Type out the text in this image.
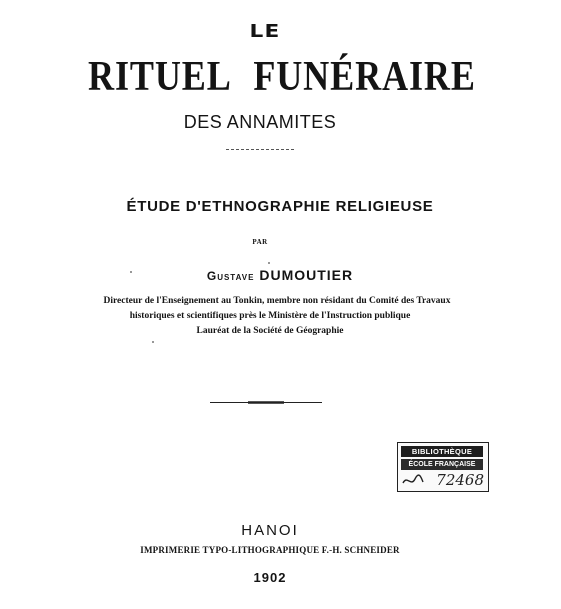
LE
RITUEL FUNÉRAIRE
DES ANNAMITES
ÉTUDE D'ETHNOGRAPHIE RELIGIEUSE
PAR
Gustave DUMOUTIER
Directeur de l'Enseignement au Tonkin, membre non résidant du Comité des Travaux
historiques et scientifiques près le Ministère de l'Instruction publique
Lauréat de la Société de Géographie
BIBLIOTHÈQUE
ÉCOLE FRANÇAISE
72468
HANOI
IMPRIMERIE TYPO-LITHOGRAPHIQUE F.-H. SCHNEIDER
1902
